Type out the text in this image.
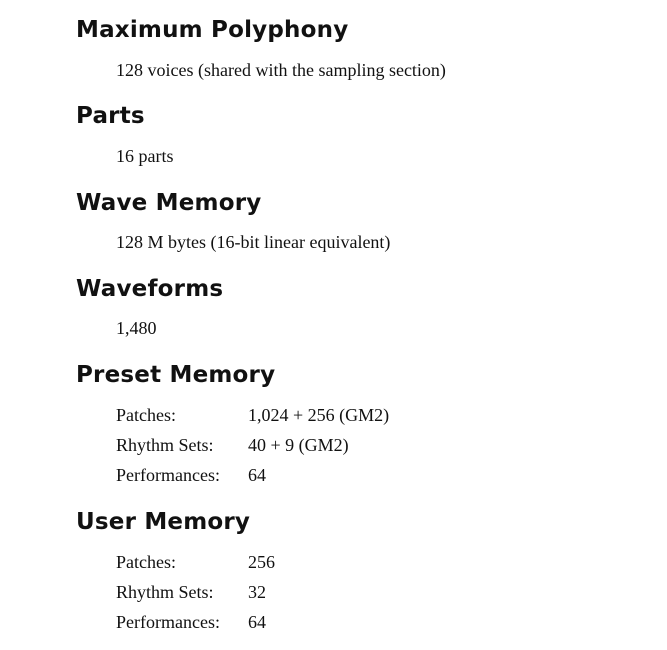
Maximum Polyphony

128 voices (shared with the sampling section)

Parts

16 parts

Wave Memory

128 M bytes (16-bit linear equivalent)

Waveforms

1,480

Preset Memory
Patches:	1,024 + 256 (GM2)
Rhythm Sets: 40 + 9 (GM2)
Performances: 64
User Memory
Patches:	256
Rhythm Sets: 32
Performances: 64
